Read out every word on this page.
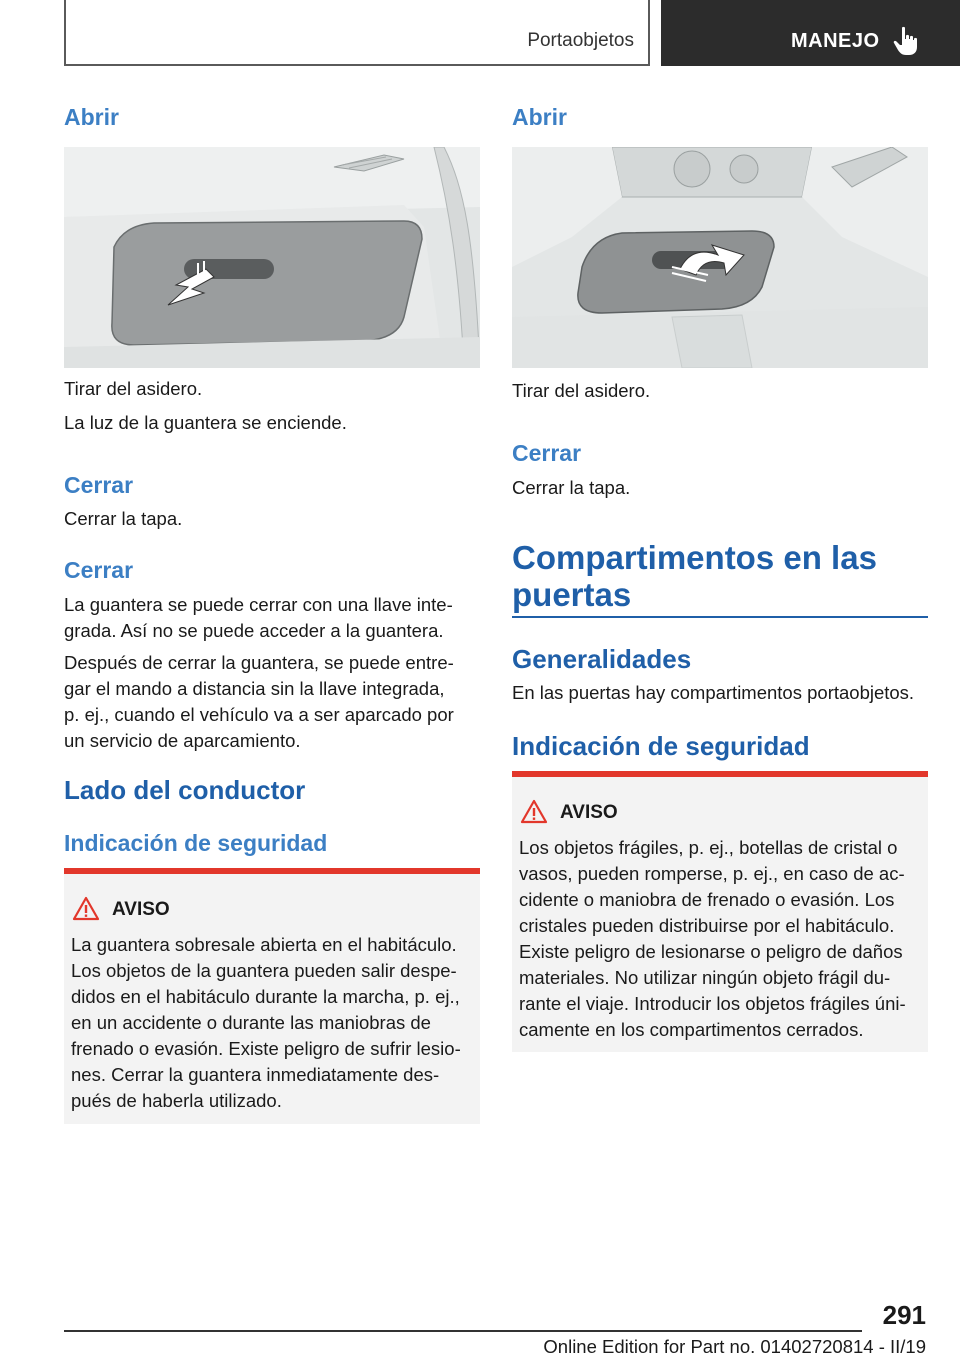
Portaobjetos	MANEJO
Abrir
Tirar del asidero.
La luz de la guantera se enciende.
Cerrar
Cerrar la tapa.
Cerrar
La guantera se puede cerrar con una llave inte-
grada. Así no se puede acceder a la guantera.
Después de cerrar la guantera, se puede entre-
gar el mando a distancia sin la llave integrada,
p. ej., cuando el vehículo va a ser aparcado por
un servicio de aparcamiento.
Lado del conductor
Indicación de seguridad
AVISO
La guantera sobresale abierta en el habitáculo.
Los objetos de la guantera pueden salir despe-
didos en el habitáculo durante la marcha, p. ej.,
en un accidente o durante las maniobras de
frenado o evasión. Existe peligro de sufrir lesio-
nes. Cerrar la guantera inmediatamente des-
pués de haberla utilizado.
Abrir
Tirar del asidero.
Cerrar
Cerrar la tapa.
Compartimentos en las
puertas
Generalidades
En las puertas hay compartimentos portaobjetos.
Indicación de seguridad
AVISO
Los objetos frágiles, p. ej., botellas de cristal o
vasos, pueden romperse, p. ej., en caso de ac-
cidente o maniobra de frenado o evasión. Los
cristales pueden distribuirse por el habitáculo.
Existe peligro de lesionarse o peligro de daños
materiales. No utilizar ningún objeto frágil du-
rante el viaje. Introducir los objetos frágiles úni-
camente en los compartimentos cerrados.
291
Online Edition for Part no. 01402720814 - II/19
